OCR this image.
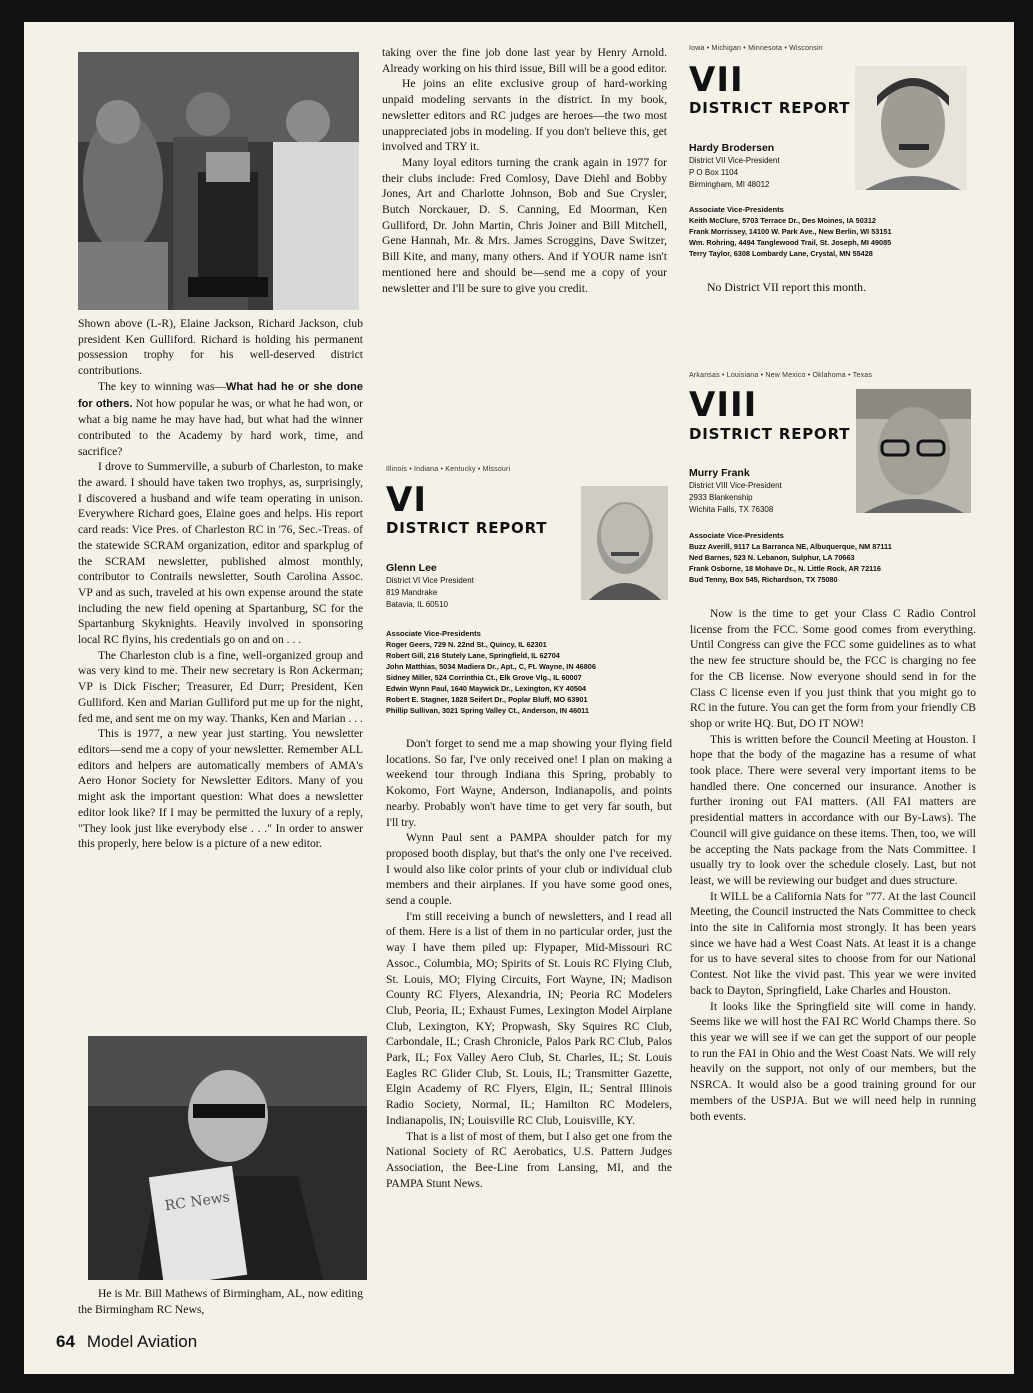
Shown above (L-R), Elaine Jackson, Richard Jackson, club president Ken Gulliford. Richard is holding his permanent possession trophy for his well-deserved district contributions.

The key to winning was—What had he or she done for others. Not how popular he was, or what he had won, or what a big name he may have had, but what had the winner contributed to the Academy by hard work, time, and sacrifice?

I drove to Summerville, a suburb of Charleston, to make the award. I should have taken two trophys, as, surprisingly, I discovered a husband and wife team operating in unison. Everywhere Richard goes, Elaine goes and helps. His report card reads: Vice Pres. of Charleston RC in '76, Sec.-Treas. of the statewide SCRAM organization, editor and sparkplug of the SCRAM newsletter, published almost monthly, contributor to Contrails newsletter, South Carolina Assoc. VP and as such, traveled at his own expense around the state including the new field opening at Spartanburg, SC for the Spartanburg Skyknights. Heavily involved in sponsoring local RC flyins, his credentials go on and on . . .

The Charleston club is a fine, well-organized group and was very kind to me. Their new secretary is Ron Ackerman; VP is Dick Fischer; Treasurer, Ed Durr; President, Ken Gulliford. Ken and Marian Gulliford put me up for the night, fed me, and sent me on my way. Thanks, Ken and Marian . . .

This is 1977, a new year just starting. You newsletter editors—send me a copy of your newsletter. Remember ALL editors and helpers are automatically members of AMA's Aero Honor Society for Newsletter Editors. Many of you might ask the important question: What does a newsletter editor look like? If I may be permitted the luxury of a reply, "They look just like everybody else . . ." In order to answer this properly, here below is a picture of a new editor.

RC News

He is Mr. Bill Mathews of Birmingham, AL, now editing the Birmingham RC News,

taking over the fine job done last year by Henry Arnold. Already working on his third issue, Bill will be a good editor.

He joins an elite exclusive group of hard-working unpaid modeling servants in the district. In my book, newsletter editors and RC judges are heroes—the two most unappreciated jobs in modeling. If you don't believe this, get involved and TRY it.

Many loyal editors turning the crank again in 1977 for their clubs include: Fred Comlosy, Dave Diehl and Bobby Jones, Art and Charlotte Johnson, Bob and Sue Crysler, Butch Norckauer, D. S. Canning, Ed Moorman, Ken Gulliford, Dr. John Martin, Chris Joiner and Bill Mitchell, Gene Hannah, Mr. & Mrs. James Scroggins, Dave Switzer, Bill Kite, and many, many others. And if YOUR name isn't mentioned here and should be—send me a copy of your newsletter and I'll be sure to give you credit.

Illinois • Indiana • Kentucky • Missouri
VI
DISTRICT REPORT
Glenn Lee
District VI Vice President
819 Mandrake
Batavia, IL 60510
Associate Vice-Presidents
Roger Geers, 729 N. 22nd St., Quincy, IL 62301
Robert Gill, 216 Stutely Lane, Springfield, IL 62704
John Matthias, 5034 Madiera Dr., Apt., C, Ft. Wayne, IN 46806
Sidney Miller, 524 Corrinthia Ct., Elk Grove Vlg., IL 60007
Edwin Wynn Paul, 1640 Maywick Dr., Lexington, KY 40504
Robert E. Stagner, 1828 Seifert Dr., Poplar Bluff, MO 63901
Phillip Sullivan, 3021 Spring Valley Ct., Anderson, IN 46011

Don't forget to send me a map showing your flying field locations. So far, I've only received one! I plan on making a weekend tour through Indiana this Spring, probably to Kokomo, Fort Wayne, Anderson, Indianapolis, and points nearby. Probably won't have time to get very far south, but I'll try.

Wynn Paul sent a PAMPA shoulder patch for my proposed booth display, but that's the only one I've received. I would also like color prints of your club or individual club members and their airplanes. If you have some good ones, send a couple.

I'm still receiving a bunch of newsletters, and I read all of them. Here is a list of them in no particular order, just the way I have them piled up: Flypaper, Mid-Missouri RC Assoc., Columbia, MO; Spirits of St. Louis RC Flying Club, St. Louis, MO; Flying Circuits, Fort Wayne, IN; Madison County RC Flyers, Alexandria, IN; Peoria RC Modelers Club, Peoria, IL; Exhaust Fumes, Lexington Model Airplane Club, Lexington, KY; Propwash, Sky Squires RC Club, Carbondale, IL; Crash Chronicle, Palos Park RC Club, Palos Park, IL; Fox Valley Aero Club, St. Charles, IL; St. Louis Eagles RC Glider Club, St. Louis, IL; Transmitter Gazette, Elgin Academy of RC Flyers, Elgin, IL; Sentral Illinois Radio Society, Normal, IL; Hamilton RC Modelers, Indianapolis, IN; Louisville RC Club, Louisville, KY.

That is a list of most of them, but I also get one from the National Society of RC Aerobatics, U.S. Pattern Judges Association, the Bee-Line from Lansing, MI, and the PAMPA Stunt News.

Iowa • Michigan • Minnesota • Wisconsin
VII
DISTRICT REPORT
Hardy Brodersen
District VII Vice-President
P O Box 1104
Birmingham, MI 48012
Associate Vice-Presidents
Keith McClure, 5703 Terrace Dr., Des Moines, IA 50312
Frank Morrissey, 14100 W. Park Ave., New Berlin, WI 53151
Wm. Rohring, 4494 Tanglewood Trail, St. Joseph, MI 49085
Terry Taylor, 6308 Lombardy Lane, Crystal, MN 55428
No District VII report this month.
Arkansas • Louisiana • New Mexico • Oklahoma • Texas
VIII
DISTRICT REPORT
Murry Frank
District VIII Vice-President
2933 Blankenship
Wichita Falls, TX 76308
Associate Vice-Presidents
Buzz Averill, 9117 La Barranca NE, Albuquerque, NM 87111
Ned Barnes, 523 N. Lebanon, Sulphur, LA 70663
Frank Osborne, 18 Mohave Dr., N. Little Rock, AR 72116
Bud Tenny, Box 545, Richardson, TX 75080

Now is the time to get your Class C Radio Control license from the FCC. Some good comes from everything. Until Congress can give the FCC some guidelines as to what the new fee structure should be, the FCC is charging no fee for the CB license. Now everyone should send in for the Class C license even if you just think that you might go to RC in the future. You can get the form from your friendly CB shop or write HQ. But, DO IT NOW!

This is written before the Council Meeting at Houston. I hope that the body of the magazine has a resume of what took place. There were several very important items to be handled there. One concerned our insurance. Another is further ironing out FAI matters. (All FAI matters are presidential matters in accordance with our By-Laws). The Council will give guidance on these items. Then, too, we will be accepting the Nats package from the Nats Committee. I usually try to look over the schedule closely. Last, but not least, we will be reviewing our budget and dues structure.

It WILL be a California Nats for "77. At the last Council Meeting, the Council instructed the Nats Committee to check into the site in California most strongly. It has been years since we have had a West Coast Nats. At least it is a change for us to have several sites to choose from for our National Contest. Not like the vivid past. This year we were invited back to Dayton, Springfield, Lake Charles and Houston.

It looks like the Springfield site will come in handy. Seems like we will host the FAI RC World Champs there. So this year we will see if we can get the support of our people to run the FAI in Ohio and the West Coast Nats. We will rely heavily on the support, not only of our members, but the NSRCA. It would also be a good training ground for our members of the USPJA. But we will need help in running both events.

64 Model Aviation
